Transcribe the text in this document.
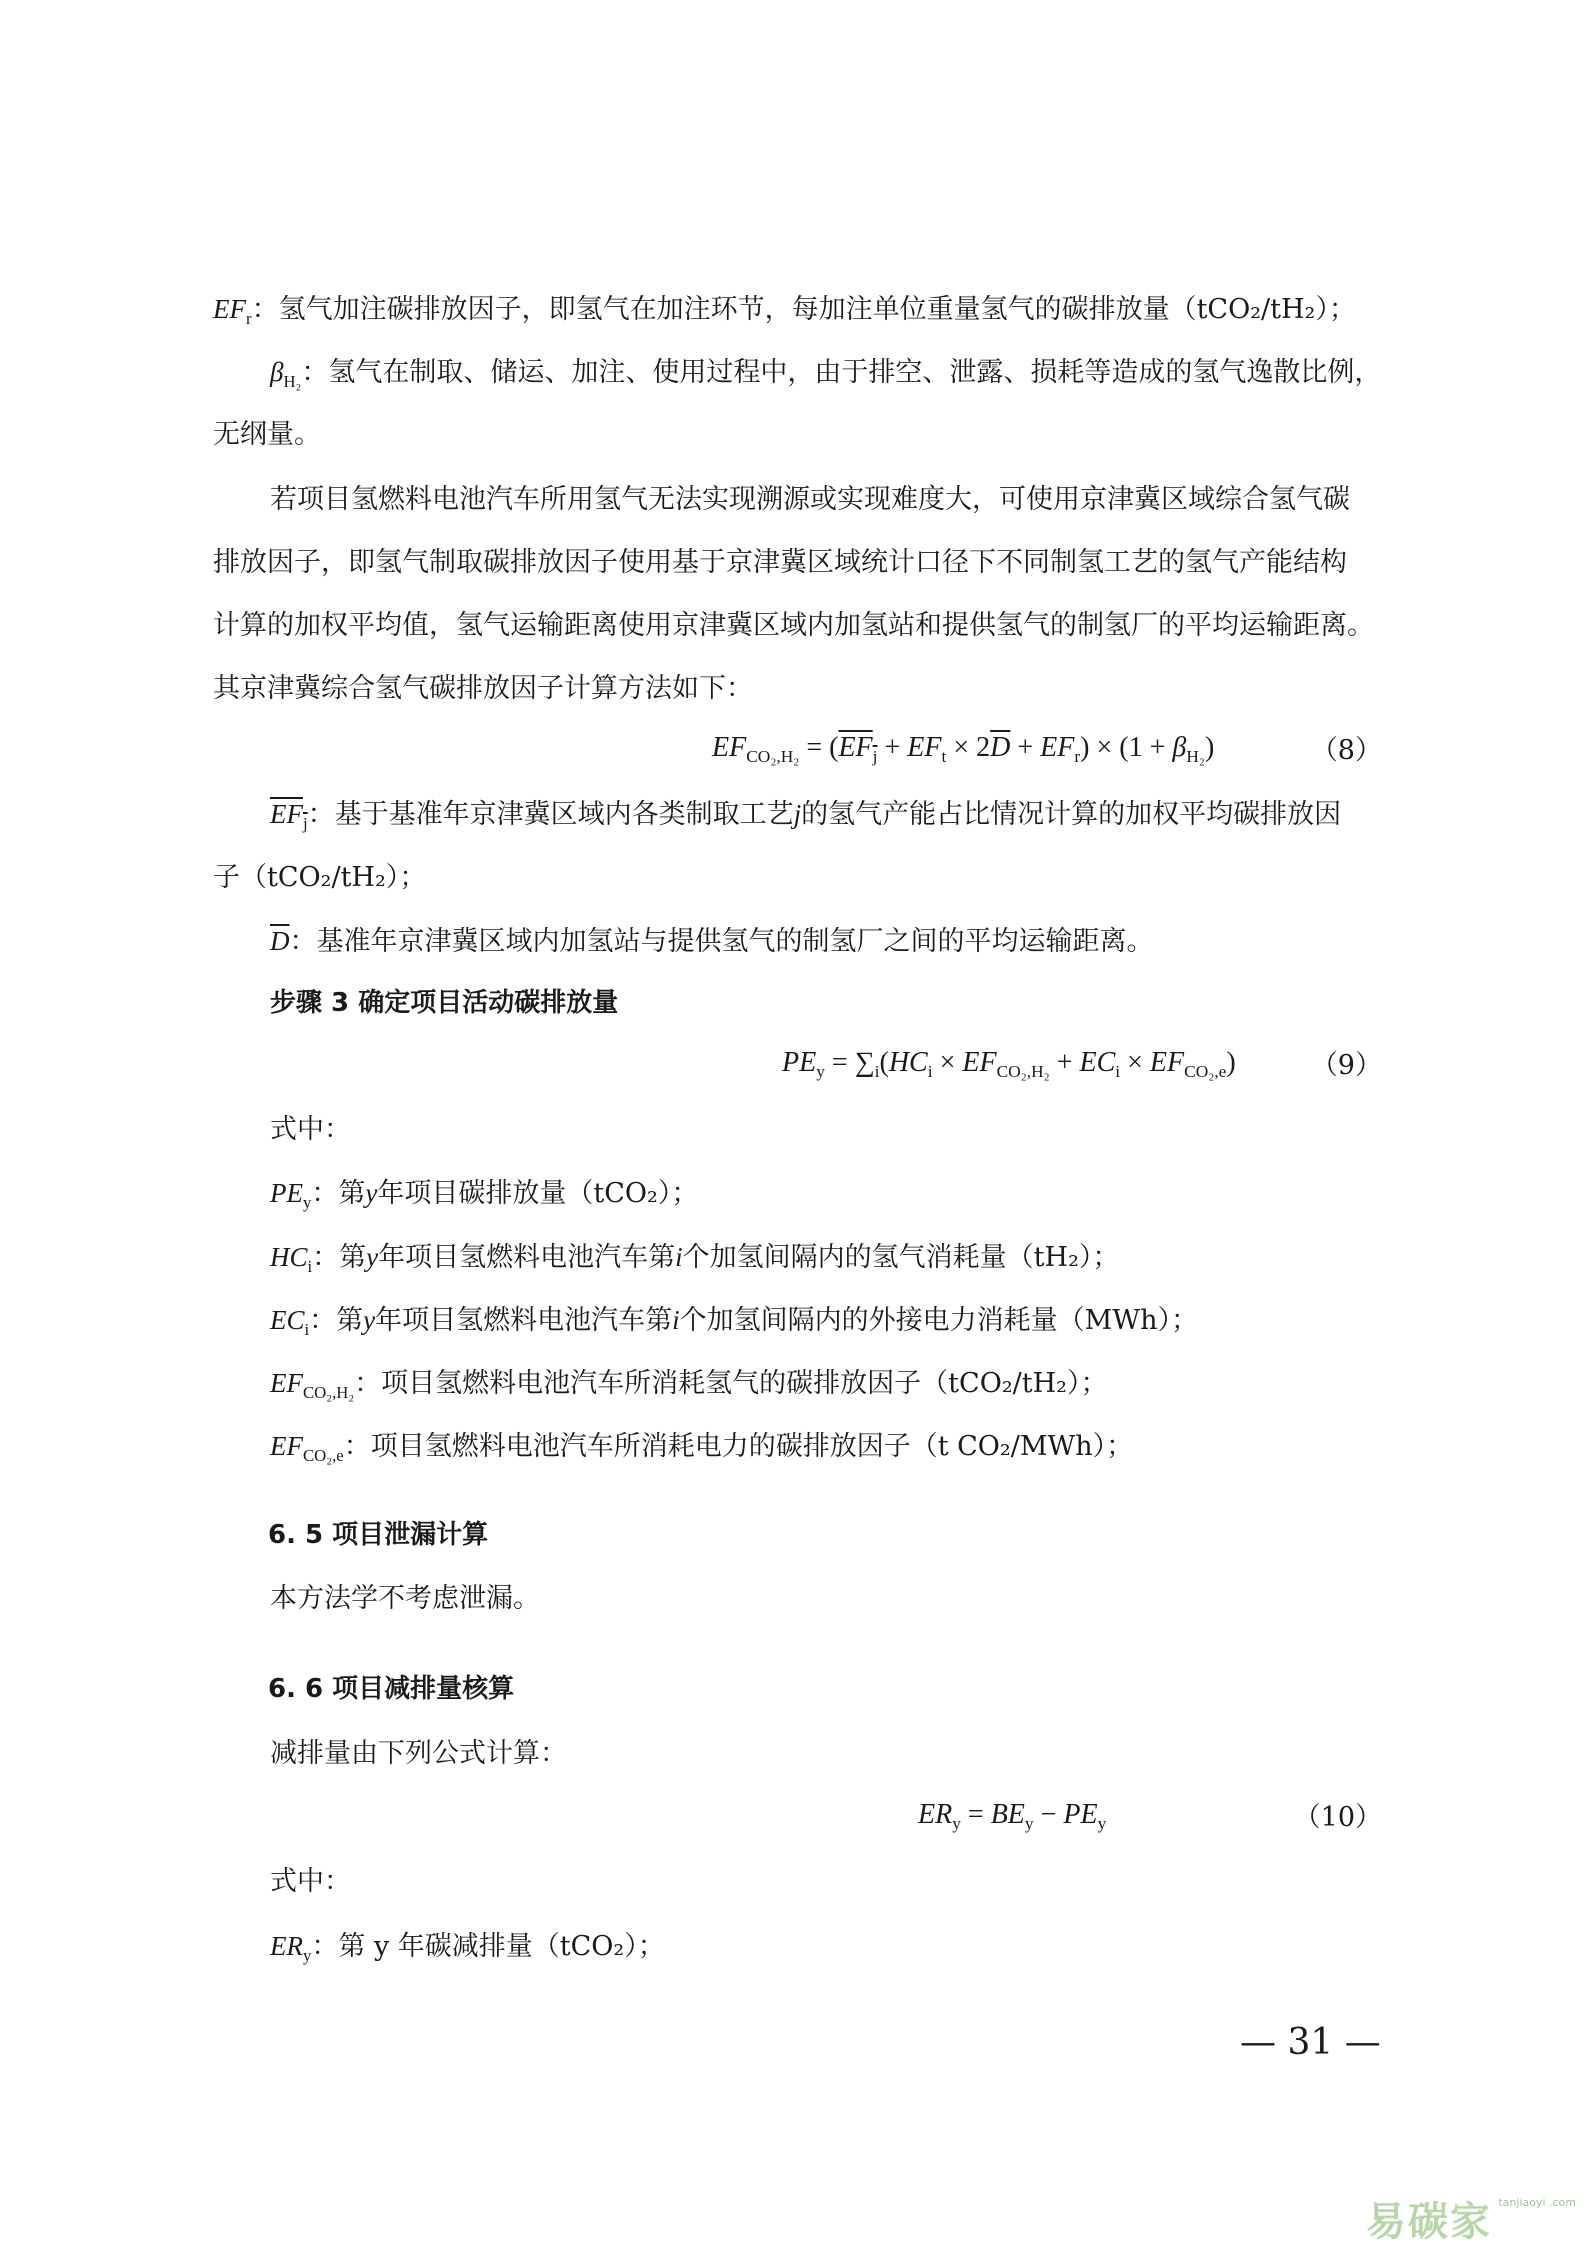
$EF_r$：氢气加注碳排放因子，即氢气在加注环节，每加注单位重量氢气的碳排放量（tCO₂/tH₂）；
$\beta_{H_2}$：氢气在制取、储运、加注、使用过程中，由于排空、泄露、损耗等造成的氢气逸散比例，
无纲量。
若项目氢燃料电池汽车所用氢气无法实现溯源或实现难度大，可使用京津冀区域综合氢气碳
排放因子，即氢气制取碳排放因子使用基于京津冀区域统计口径下不同制氢工艺的氢气产能结构
计算的加权平均值，氢气运输距离使用京津冀区域内加氢站和提供氢气的制氢厂的平均运输距离。
其京津冀综合氢气碳排放因子计算方法如下：
$EF_{CO_2,H_2} = (EF_j + EF_t \times 2\overline{D} + EF_r) \times (1 + \beta_{H_2})$	（8）
$EF_j$：基于基准年京津冀区域内各类制取工艺j的氢气产能占比情况计算的加权平均碳排放因
子（tCO₂/tH₂）；
$\overline{D}$：基准年京津冀区域内加氢站与提供氢气的制氢厂之间的平均运输距离。
步骤 3 确定项目活动碳排放量
$PE_y = \sum_i(HC_i \times EF_{CO_2,H_2} + EC_i \times EF_{CO_2,e})$	（9）
式中：
$PE_y$：第y年项目碳排放量（tCO₂）；
$HC_i$：第y年项目氢燃料电池汽车第i个加氢间隔内的氢气消耗量（tH₂）；
$EC_i$：第y年项目氢燃料电池汽车第i个加氢间隔内的外接电力消耗量（MWh）；
$EF_{CO_2,H_2}$：项目氢燃料电池汽车所消耗氢气的碳排放因子（tCO₂/tH₂）；
$EF_{CO_2,e}$：项目氢燃料电池汽车所消耗电力的碳排放因子（t CO₂/MWh）；
6. 5 项目泄漏计算
本方法学不考虑泄漏。
6. 6 项目减排量核算
减排量由下列公式计算：
$ER_y = BE_y - PE_y$	（10）
式中：
$ER_y$：第 y 年碳减排量（tCO₂）；
— 31 —
易碳家 tanjiaoyi .com
